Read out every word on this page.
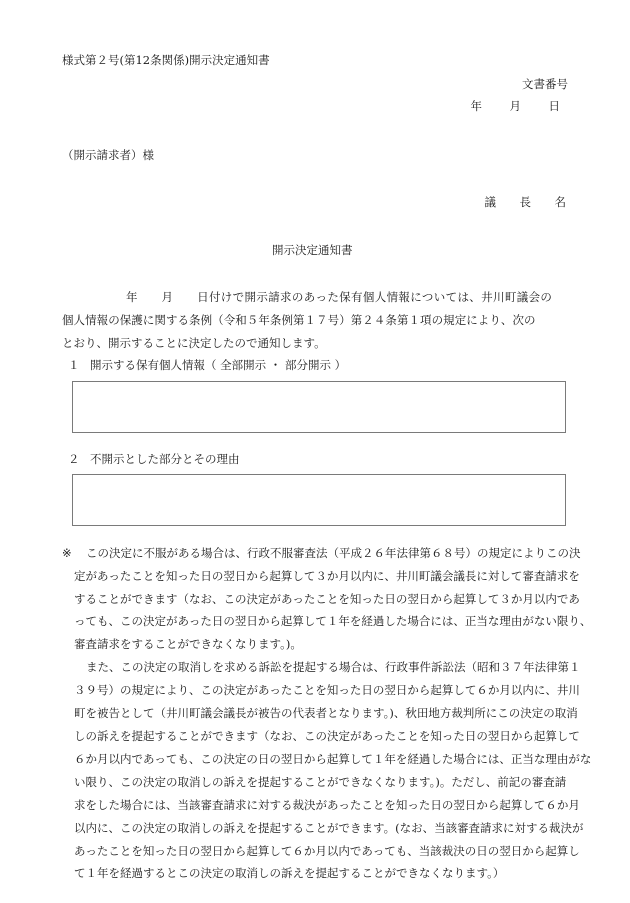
様式第２号(第12条関係)開示決定通知書
文書番号
年　月　日
（開示請求者）様
議　長　名
開示決定通知書
年　　月　　日付けで開示請求のあった保有個人情報については、井川町議会の
個人情報の保護に関する条例（令和５年条例第１７号）第２４条第１項の規定により、次の
とおり、開示することに決定したので通知します。
１ 開示する保有個人情報（ 全部開示 ・ 部分開示 ）
２ 不開示とした部分とその理由
※ この決定に不服がある場合は、行政不服審査法（平成２６年法律第６８号）の規定によりこの決
定があったことを知った日の翌日から起算して３か月以内に、井川町議会議長に対して審査請求を
することができます（なお、この決定があったことを知った日の翌日から起算して３か月以内であ
っても、この決定があった日の翌日から起算して１年を経過した場合には、正当な理由がない限り、
審査請求をすることができなくなります。)。
また、この決定の取消しを求める訴訟を提起する場合は、行政事件訴訟法（昭和３７年法律第１
３９号）の規定により、この決定があったことを知った日の翌日から起算して６か月以内に、井川
町を被告として（井川町議会議長が被告の代表者となります。)、秋田地方裁判所にこの決定の取消
しの訴えを提起することができます（なお、この決定があったことを知った日の翌日から起算して
６か月以内であっても、この決定の日の翌日から起算して１年を経過した場合には、正当な理由がな
い限り、この決定の取消しの訴えを提起することができなくなります。)。ただし、前記の審査請
求をした場合には、当該審査請求に対する裁決があったことを知った日の翌日から起算して６か月
以内に、この決定の取消しの訴えを提起することができます。(なお、当該審査請求に対する裁決が
あったことを知った日の翌日から起算して６か月以内であっても、当該裁決の日の翌日から起算し
て１年を経過するとこの決定の取消しの訴えを提起することができなくなります。）
